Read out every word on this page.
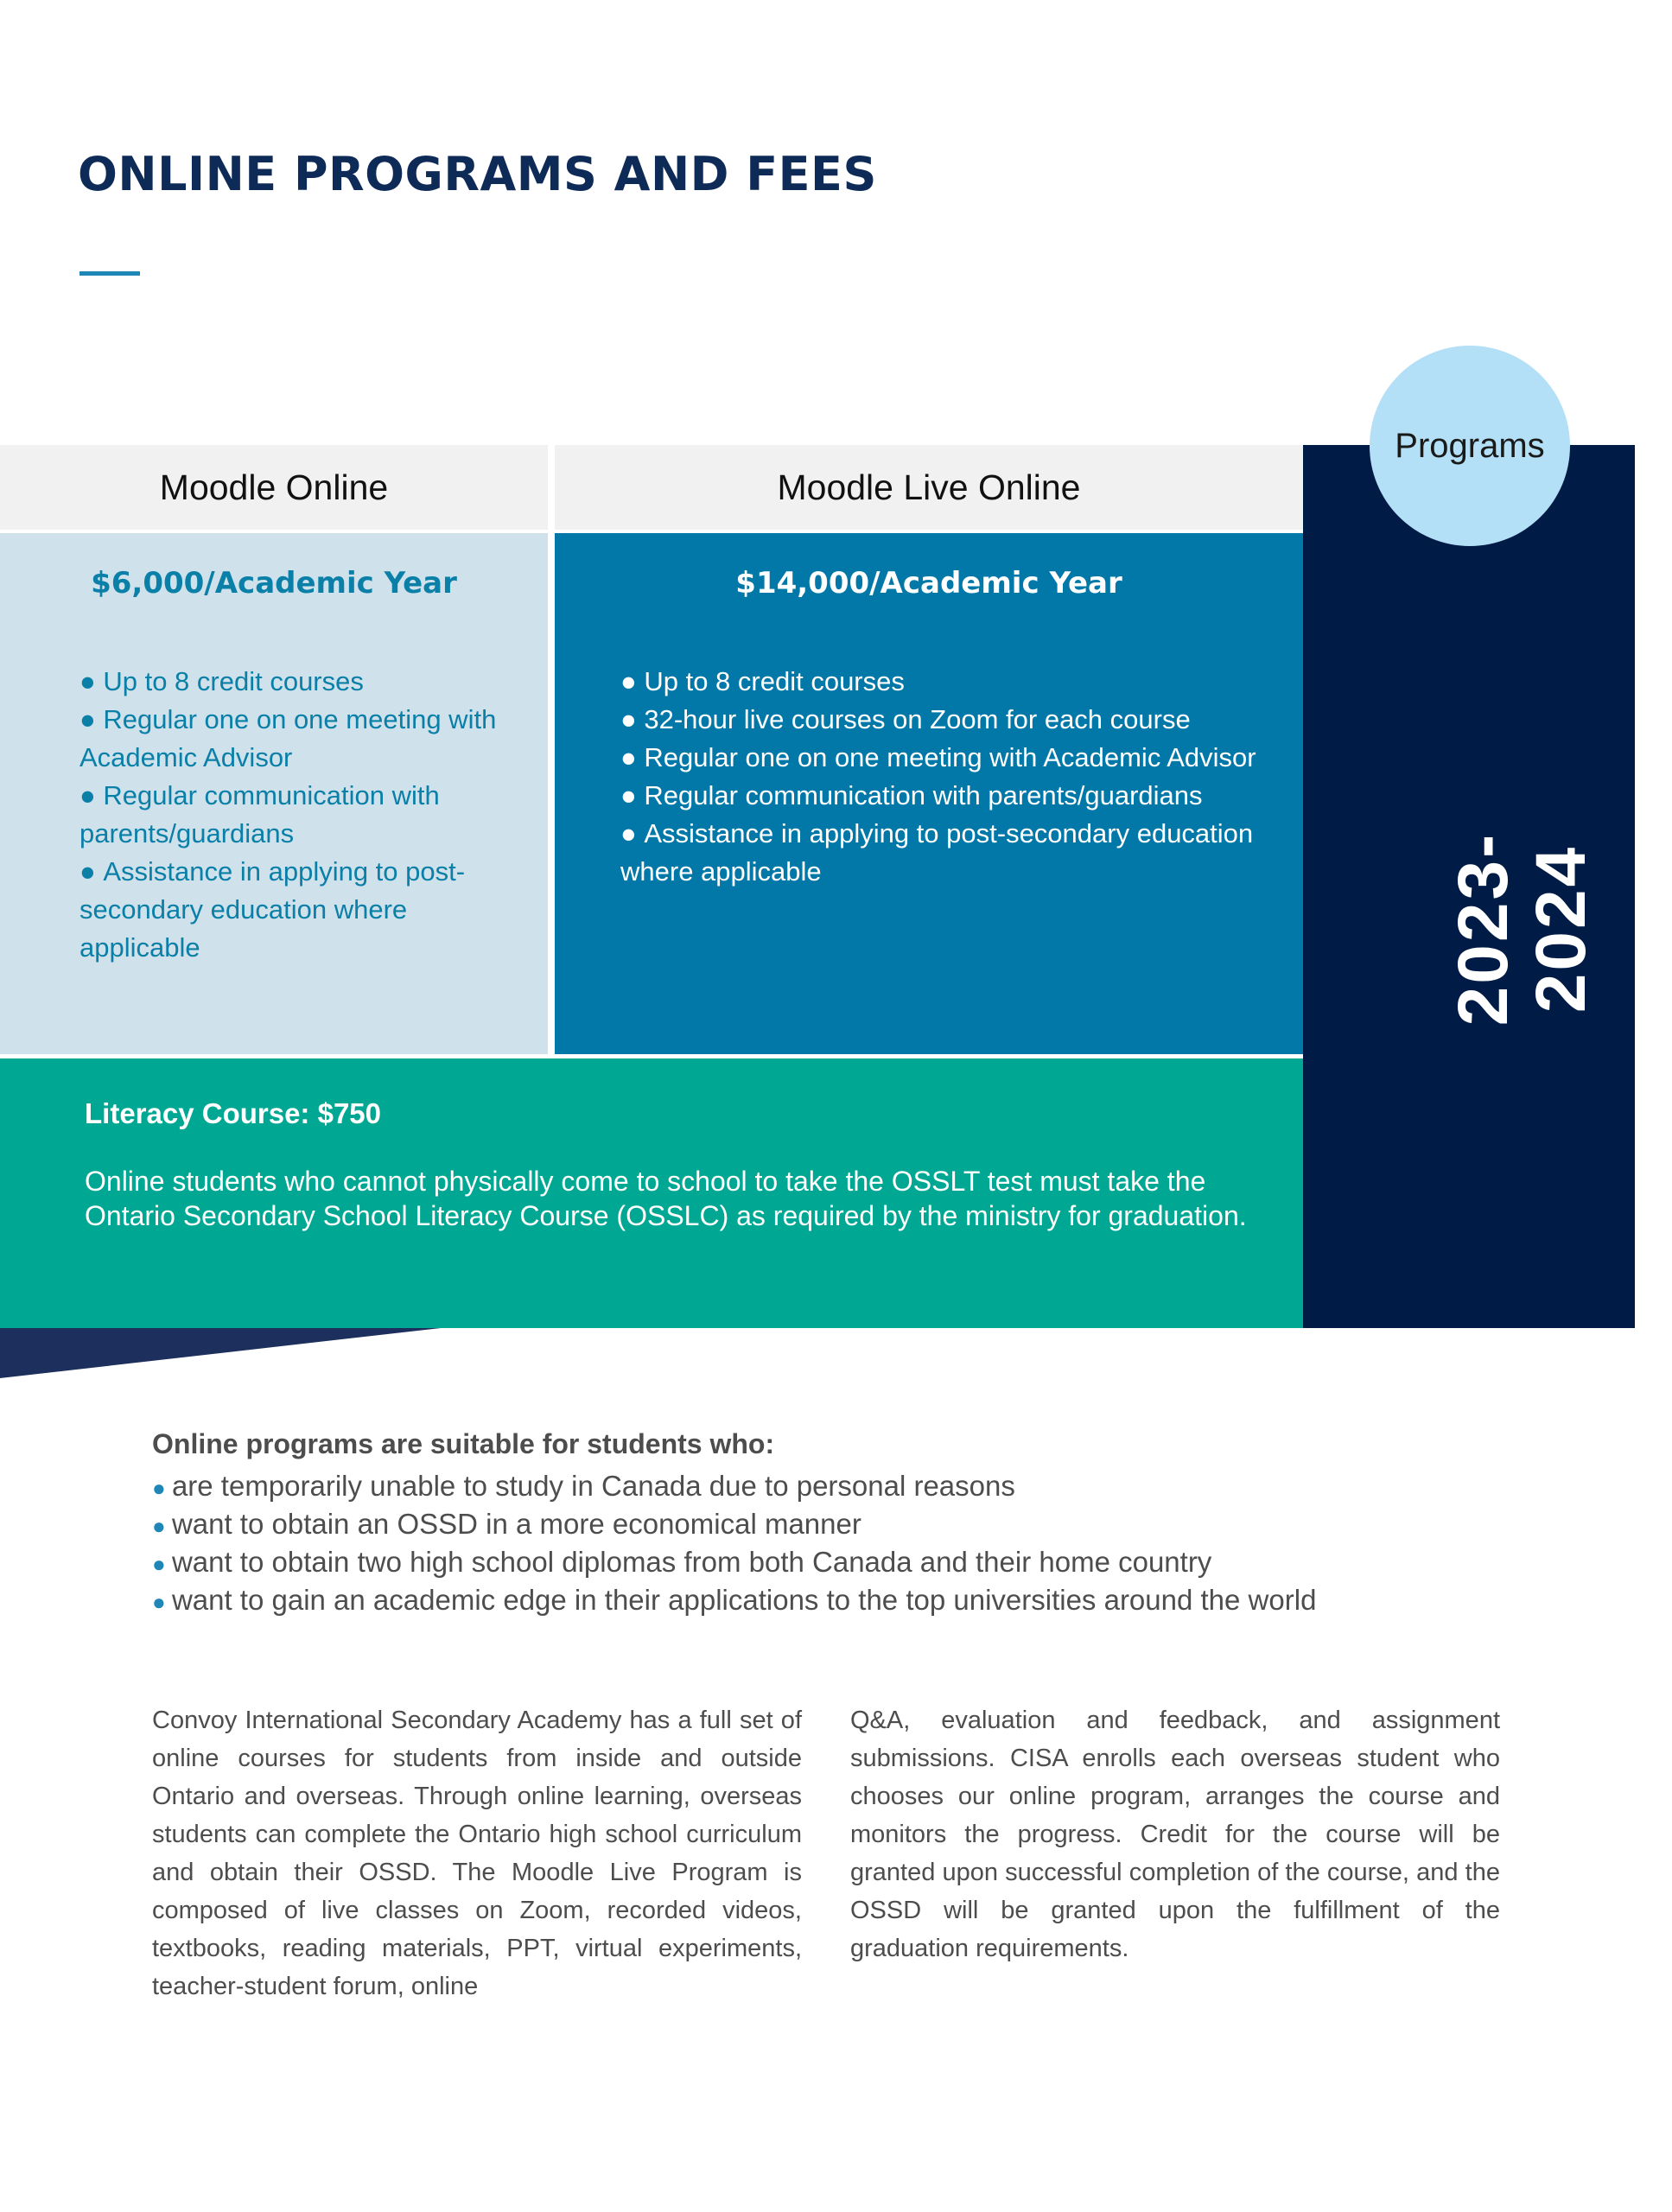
ONLINE PROGRAMS AND FEES
2023-2024
Moodle Online	Moodle Live Online
Programs
$6,000/Academic Year
● Up to 8 credit courses
● Regular one on one meeting with Academic Advisor
● Regular communication with parents/guardians
● Assistance in applying to post-secondary education where applicable
$14,000/Academic Year
● Up to 8 credit courses
● 32-hour live courses on Zoom for each course
● Regular one on one meeting with Academic Advisor
● Regular communication with parents/guardians
● Assistance in applying to post-secondary education where applicable
Literacy Course: $750
Online students who cannot physically come to school to take the OSSLT test must take the Ontario Secondary School Literacy Course (OSSLC) as required by the ministry for graduation.
Online programs are suitable for students who:
● are temporarily unable to study in Canada due to personal reasons
● want to obtain an OSSD in a more economical manner
● want to obtain two high school diplomas from both Canada and their home country
● want to gain an academic edge in their applications to the top universities around the world

Convoy International Secondary Academy has a full set of online courses for students from inside and outside Ontario and overseas. Through online learning, overseas students can complete the Ontario high school curriculum and obtain their OSSD. The Moodle Live Program is composed of live classes on Zoom, recorded videos, textbooks, reading materials, PPT, virtual experiments, teacher-student forum, online

Q&A, evaluation and feedback, and assignment submissions. CISA enrolls each overseas student who chooses our online program, arranges the course and monitors the progress. Credit for the course will be granted upon successful completion of the course, and the OSSD will be granted upon the fulfillment of the graduation requirements.
